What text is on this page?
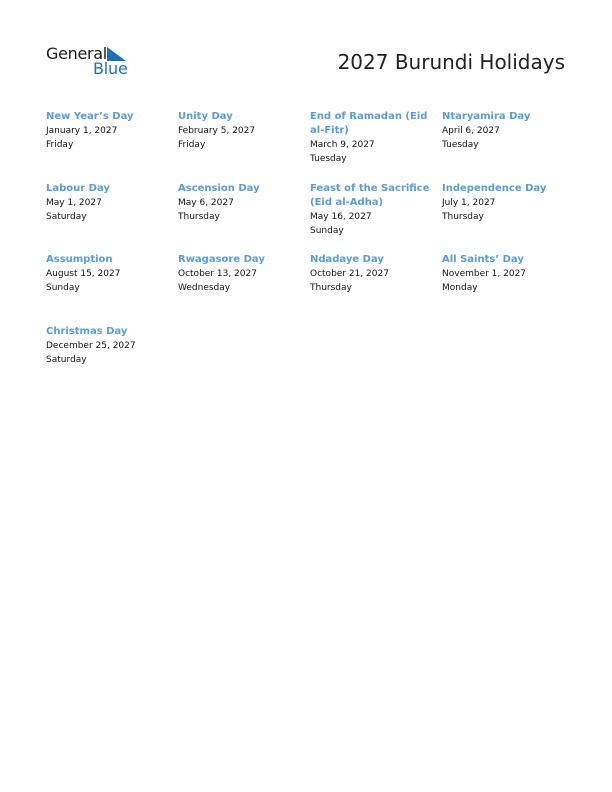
General
Blue	2027 Burundi Holidays
New Year’s Day
January 1, 2027
Friday
Unity Day
February 5, 2027
Friday
End of Ramadan (Eid al-Fitr)
March 9, 2027
Tuesday
Ntaryamira Day
April 6, 2027
Tuesday
Labour Day
May 1, 2027
Saturday
Ascension Day
May 6, 2027
Thursday
Feast of the Sacrifice (Eid al-Adha)
May 16, 2027
Sunday
Independence Day
July 1, 2027
Thursday
Assumption
August 15, 2027
Sunday
Rwagasore Day
October 13, 2027
Wednesday
Ndadaye Day
October 21, 2027
Thursday
All Saints’ Day
November 1, 2027
Monday
Christmas Day
December 25, 2027
Saturday
